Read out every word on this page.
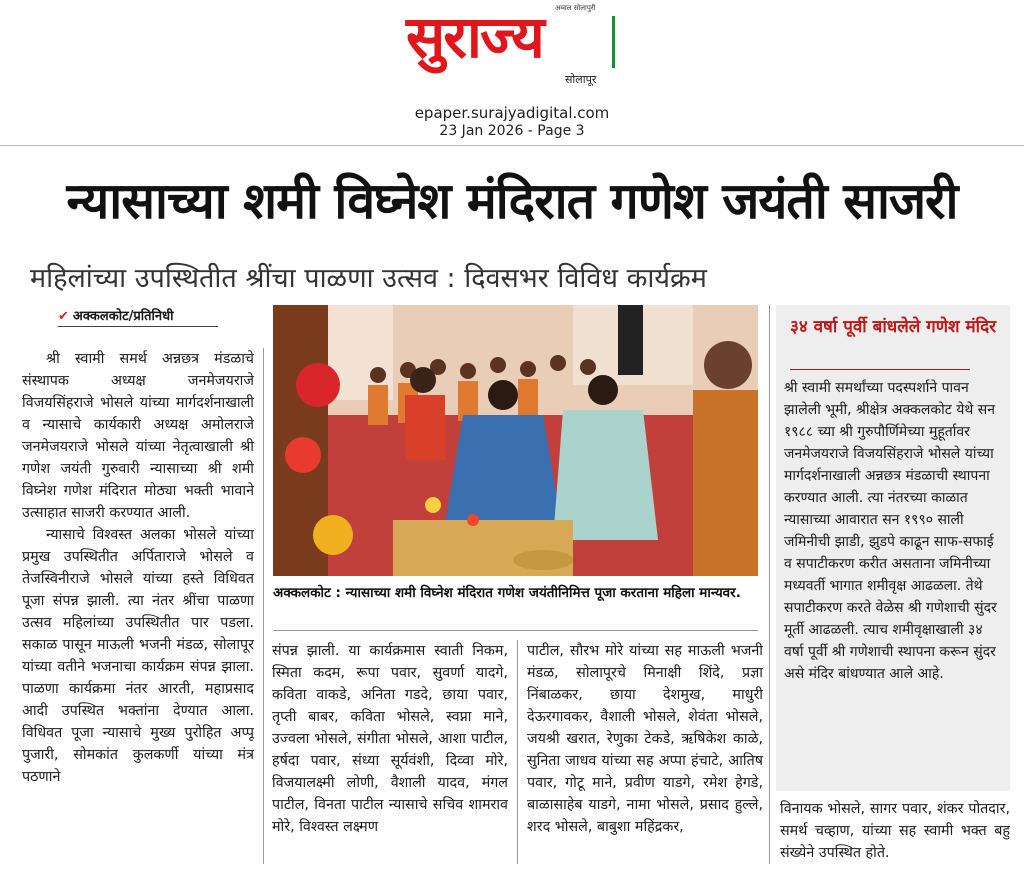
अव्वल सोलापुरी
सुराज्य
सोलापूर
epaper.surajyadigital.com
23 Jan 2026 - Page 3
न्यासाच्या शमी विघ्नेश मंदिरात गणेश जयंती साजरी
महिलांच्या उपस्थितीत श्रींचा पाळणा उत्सव : दिवसभर विविध कार्यक्रम
✔ अक्कलकोट/प्रतिनिधी

श्री स्वामी समर्थ अन्नछत्र मंडळाचे संस्थापक अध्यक्ष जनमेजयराजे विजयसिंहराजे भोसले यांच्या मार्गदर्शनाखाली व न्यासाचे कार्यकारी अध्यक्ष अमोलराजे जनमेजयराजे भोसले यांच्या नेतृत्वाखाली श्री गणेश जयंती गुरुवारी न्यासाच्या श्री शमी विघ्नेश गणेश मंदिरात मोठ्या भक्ती भावाने उत्साहात साजरी करण्यात आली.

न्यासाचे विश्वस्त अलका भोसले यांच्या प्रमुख उपस्थितीत अर्पिताराजे भोसले व तेजस्विनीराजे भोसले यांच्या हस्ते विधिवत पूजा संपन्न झाली. त्या नंतर श्रींचा पाळणा उत्सव महिलांच्या उपस्थितीत पार पडला. सकाळ पासून माऊली भजनी मंडळ, सोलापूर यांच्या वतीने भजनाचा कार्यक्रम संपन्न झाला. पाळणा कार्यक्रमा नंतर आरती, महाप्रसाद आदी उपस्थित भक्तांना देण्यात आला. विधिवत पूजा न्यासाचे मुख्य पुरोहित अप्पू पुजारी, सोमकांत कुलकर्णी यांच्या मंत्र पठणाने

अक्कलकोट : न्यासाच्या शमी विघ्नेश मंदिरात गणेश जयंतीनिमित्त पूजा करताना महिला मान्यवर.

संपन्न झाली. या कार्यक्रमास स्वाती निकम, स्मिता कदम, रूपा पवार, सुवर्णा यादगे, कविता वाकडे, अनिता गडदे, छाया पवार, तृप्ती बाबर, कविता भोसले, स्वप्ना माने, उज्वला भोसले, संगीता भोसले, आशा पाटील, हर्षदा पवार, संध्या सूर्यवंशी, दिव्वा मोरे, विजयालक्ष्मी लोणी, वैशाली यादव, मंगल पाटील, विनता पाटील न्यासाचे सचिव शामराव मोरे, विश्वस्त लक्ष्मण

पाटील, सौरभ मोरे यांच्या सह माऊली भजनी मंडळ, सोलापूरचे मिनाक्षी शिंदे, प्रज्ञा निंबाळकर, छाया देशमुख, माधुरी देऊरगावकर, वैशाली भोसले, शेवंता भोसले, जयश्री खरात, रेणुका टेकडे, ऋषिकेश काळे, सुनिता जाधव यांच्या सह अप्पा हंचाटे, आतिष पवार, गोटू माने, प्रवीण याडगे, रमेश हेगडे, बाळासाहेब याडगे, नामा भोसले, प्रसाद हुल्ले, शरद भोसले, बाबुशा महिंद्रकर,

३४ वर्षा पूर्वी बांधलेले गणेश मंदिर
श्री स्वामी समर्थांच्या पदस्पर्शाने पावन झालेली भूमी, श्रीक्षेत्र अक्कलकोट येथे सन १९८८ च्या श्री गुरुपौर्णिमेच्या मुहूर्तावर जनमेजयराजे विजयसिंहराजे भोसले यांच्या मार्गदर्शनाखाली अन्नछत्र मंडळाची स्थापना करण्यात आली. त्या नंतरच्या काळात न्यासाच्या आवारात सन १९९० साली जमिनीची झाडी, झुडपे काढून साफ-सफाई व सपाटीकरण करीत असताना जमिनीच्या मध्यवर्ती भागात शमीवृक्ष आढळला. तेथे सपाटीकरण करते वेळेस श्री गणेशाची सुंदर मूर्ती आढळली. त्याच शमीवृक्षाखाली ३४ वर्षा पूर्वी श्री गणेशाची स्थापना करून सुंदर असे मंदिर बांधण्यात आले आहे.

विनायक भोसले, सागर पवार, शंकर पोतदार, समर्थ चव्हाण, यांच्या सह स्वामी भक्त बहु संख्येने उपस्थित होते.
